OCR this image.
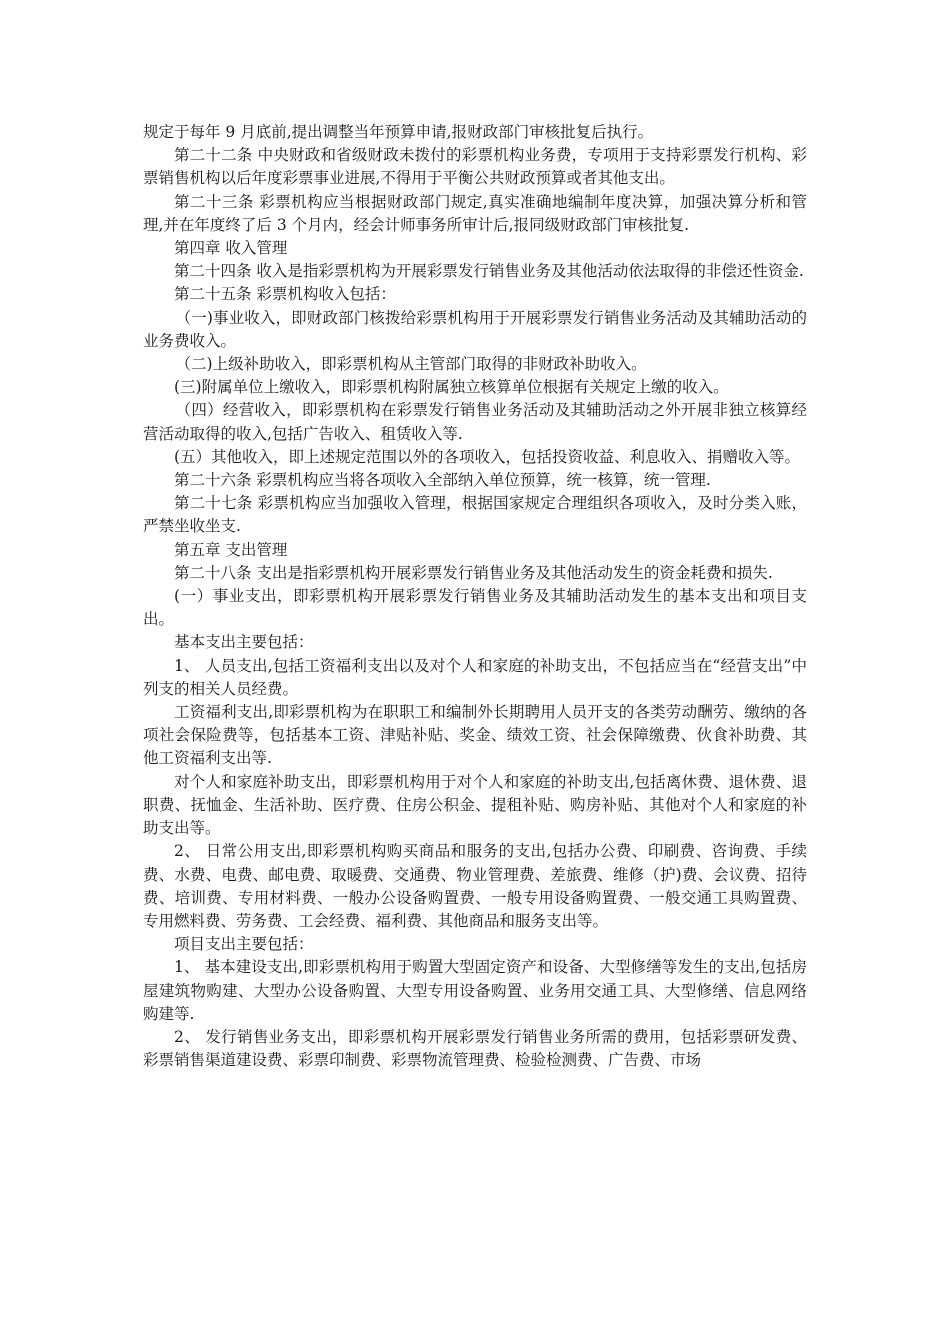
规定于每年 9 月底前,提出调整当年预算申请,报财政部门审核批复后执行。

第二十二条 中央财政和省级财政未拨付的彩票机构业务费，专项用于支持彩票发行机构、彩票销售机构以后年度彩票事业进展,不得用于平衡公共财政预算或者其他支出。

第二十三条 彩票机构应当根据财政部门规定,真实准确地编制年度决算，加强决算分析和管理,并在年度终了后 3 个月内，经会计师事务所审计后,报同级财政部门审核批复.

第四章 收入管理

第二十四条 收入是指彩票机构为开展彩票发行销售业务及其他活动依法取得的非偿还性资金.

第二十五条 彩票机构收入包括：

（一)事业收入，即财政部门核拨给彩票机构用于开展彩票发行销售业务活动及其辅助活动的业务费收入。

（二)上级补助收入，即彩票机构从主管部门取得的非财政补助收入。

(三)附属单位上缴收入，即彩票机构附属独立核算单位根据有关规定上缴的收入。

（四）经营收入，即彩票机构在彩票发行销售业务活动及其辅助活动之外开展非独立核算经营活动取得的收入,包括广告收入、租赁收入等.

(五）其他收入，即上述规定范围以外的各项收入，包括投资收益、利息收入、捐赠收入等。

第二十六条 彩票机构应当将各项收入全部纳入单位预算，统一核算，统一管理.

第二十七条 彩票机构应当加强收入管理，根据国家规定合理组织各项收入，及时分类入账，严禁坐收坐支.

第五章 支出管理

第二十八条 支出是指彩票机构开展彩票发行销售业务及其他活动发生的资金耗费和损失.

(一）事业支出，即彩票机构开展彩票发行销售业务及其辅助活动发生的基本支出和项目支出。

基本支出主要包括：

1、 人员支出,包括工资福利支出以及对个人和家庭的补助支出，不包括应当在“经营支出”中列支的相关人员经费。

工资福利支出,即彩票机构为在职职工和编制外长期聘用人员开支的各类劳动酬劳、缴纳的各项社会保险费等，包括基本工资、津贴补贴、奖金、绩效工资、社会保障缴费、伙食补助费、其他工资福利支出等.

对个人和家庭补助支出，即彩票机构用于对个人和家庭的补助支出,包括离休费、退休费、退职费、抚恤金、生活补助、医疗费、住房公积金、提租补贴、购房补贴、其他对个人和家庭的补助支出等。

2、 日常公用支出,即彩票机构购买商品和服务的支出,包括办公费、印刷费、咨询费、手续费、水费、电费、邮电费、取暖费、交通费、物业管理费、差旅费、维修（护)费、会议费、招待费、培训费、专用材料费、一般办公设备购置费、一般专用设备购置费、一般交通工具购置费、专用燃料费、劳务费、工会经费、福利费、其他商品和服务支出等。

项目支出主要包括：

1、 基本建设支出,即彩票机构用于购置大型固定资产和设备、大型修缮等发生的支出,包括房屋建筑物购建、大型办公设备购置、大型专用设备购置、业务用交通工具、大型修缮、信息网络购建等.

2、 发行销售业务支出，即彩票机构开展彩票发行销售业务所需的费用，包括彩票研发费、彩票销售渠道建设费、彩票印制费、彩票物流管理费、检验检测费、广告费、市场
